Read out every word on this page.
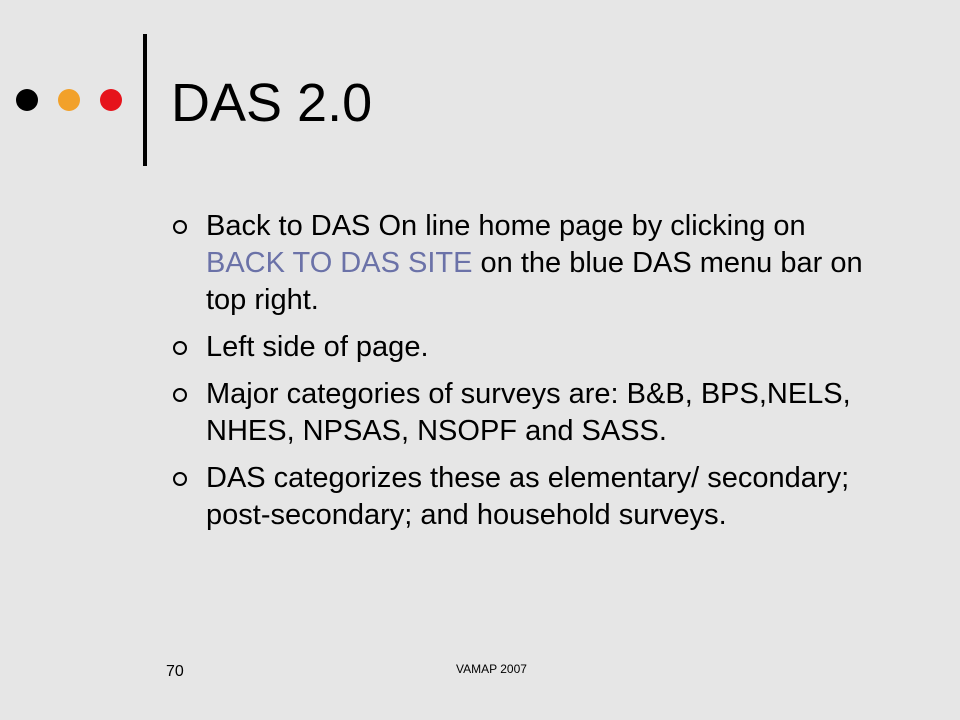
DAS 2.0
Back to DAS On line home page by clicking on BACK TO DAS SITE on the blue DAS menu bar on top right.
Left side of page.
Major categories of surveys are: B&B, BPS,NELS, NHES, NPSAS, NSOPF and SASS.
DAS categorizes these as elementary/ secondary; post-secondary; and household surveys.
70	VAMAP 2007
